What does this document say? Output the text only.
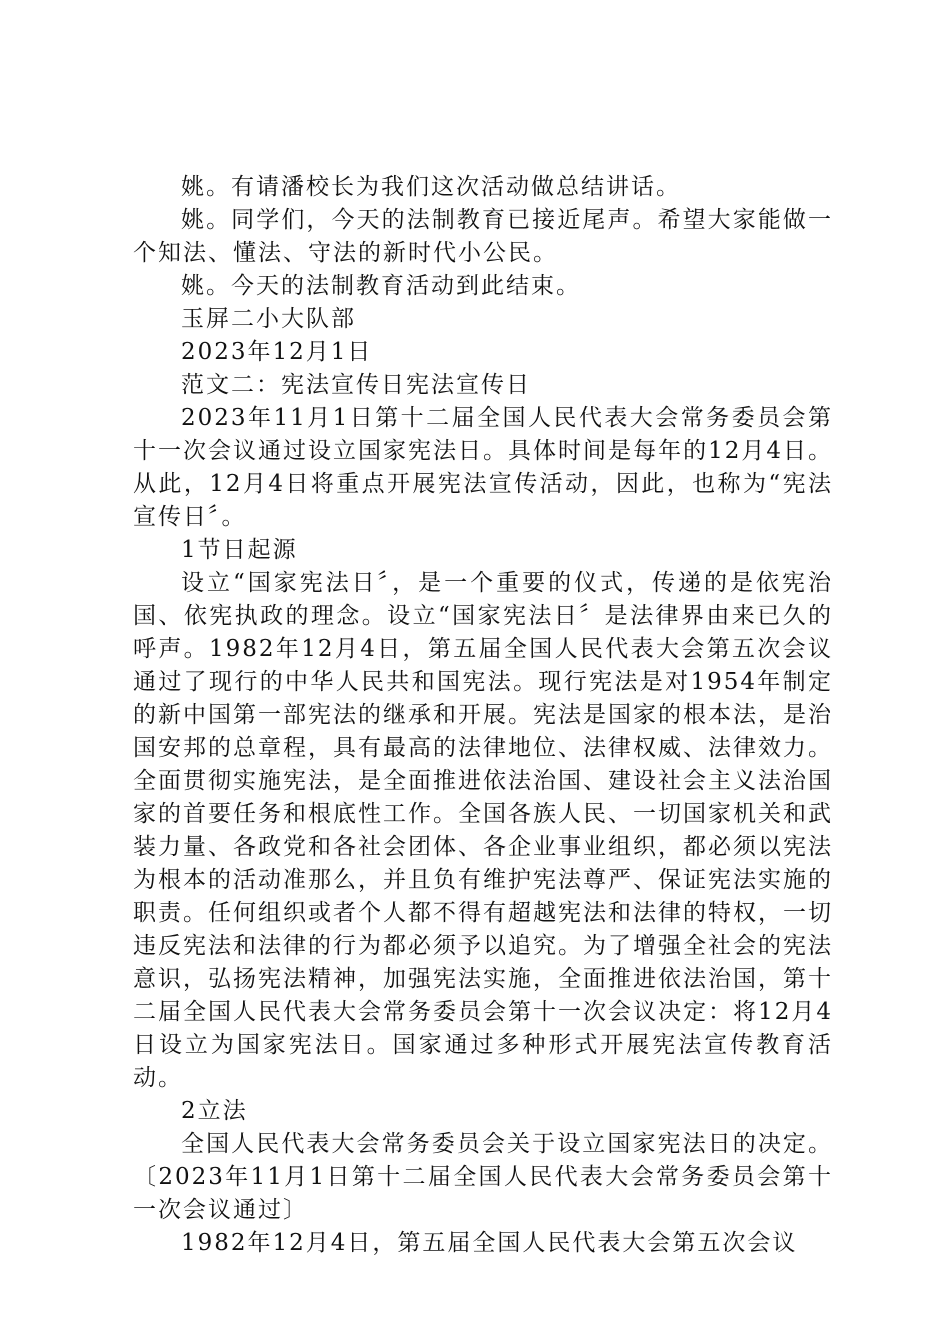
姚。有请潘校长为我们这次活动做总结讲话。

姚。同学们，今天的法制教育已接近尾声。希望大家能做一个知法、懂法、守法的新时代小公民。

姚。今天的法制教育活动到此结束。

玉屏二小大队部

2023年12月1日

范文二：宪法宣传日宪法宣传日

2023年11月1日第十二届全国人民代表大会常务委员会第十一次会议通过设立国家宪法日。具体时间是每年的12月4日。从此，12月4日将重点开展宪法宣传活动，因此，也称为“宪法宣传日〞。

1节日起源

设立“国家宪法日〞，是一个重要的仪式，传递的是依宪治国、依宪执政的理念。设立“国家宪法日〞是法律界由来已久的呼声。1982年12月4日，第五届全国人民代表大会第五次会议通过了现行的中华人民共和国宪法。现行宪法是对1954年制定的新中国第一部宪法的继承和开展。宪法是国家的根本法，是治国安邦的总章程，具有最高的法律地位、法律权威、法律效力。全面贯彻实施宪法，是全面推进依法治国、建设社会主义法治国家的首要任务和根底性工作。全国各族人民、一切国家机关和武装力量、各政党和各社会团体、各企业事业组织，都必须以宪法为根本的活动准那么，并且负有维护宪法尊严、保证宪法实施的职责。任何组织或者个人都不得有超越宪法和法律的特权，一切违反宪法和法律的行为都必须予以追究。为了增强全社会的宪法意识，弘扬宪法精神，加强宪法实施，全面推进依法治国，第十二届全国人民代表大会常务委员会第十一次会议决定：将12月4日设立为国家宪法日。国家通过多种形式开展宪法宣传教育活动。

2立法

全国人民代表大会常务委员会关于设立国家宪法日的决定。〔2023年11月1日第十二届全国人民代表大会常务委员会第十一次会议通过〕

1982年12月4日，第五届全国人民代表大会第五次会议
